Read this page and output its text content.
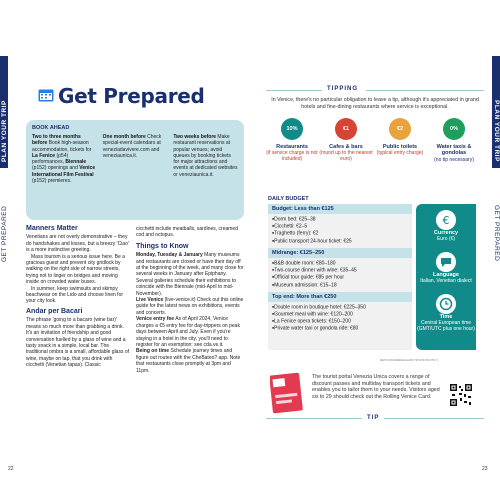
PLAN YOUR TRIP
GET PREPARED
Get Prepared
BOOK AHEAD
Two to three months before Book high-season accommodation, tickets for La Fenice (p54) performances, Biennale (p152) openings and Venice International Film Festival (p152) premieres.
One month before Check special-event calendars at veneziadavivere.com and veneziaunica.it.
Two weeks before Make restaurant reservations at popular venues; avoid queues by booking tickets for major attractions and events at dedicated websites or veneziaunica.it.
Manners Matter

Venetians are not overly demonstrative – they do handshakes and kisses, but a breezy 'Ciao' is a more instinctive greeting.

Mass tourism is a serious issue here. Be a gracious guest and prevent city gridlock by walking on the right side of narrow streets, trying not to linger on bridges and moving inside on crowded water buses.

In summer, keep swimsuits and skimpy beachwear on the Lido and choose linen for your city look.

Andar per Bacari

The phrase 'going to a bacaro (wine bar)' means so much more than grabbing a drink. It's an invitation of friendship and good conversation fuelled by a glass of wine and a tasty snack in a simple, local bar. The traditional ombra is a small, affordable glass of wine, maybe on tap, that you drink with cicchetti (Venetian tapas). Classic

cicchetti include meatballs, sardines, creamed cod and octopus.

Things to Know

Monday, Tuesday & January Many museums and restaurants are closed or have their day off at the beginning of the week, and many close for several weeks in January after Epiphany. Several galleries schedule their exhibitions to coincide with the Biennale (mid-April to mid-November).

Live Venice (live-venice.it) Check out this online guide for the latest news on exhibitions, events and concerts.

Venice entry fee As of April 2024, Venice charges a €5 entry fee for day-trippers on peak days between April and July. Even if you're staying in a hotel in the city, you'll need to register for an exemption: see cda.ve.it.

Being on time Schedule journey times and figure out routes with the CheBateo? app. Note that restaurants close promptly at 3pm and 11pm.

22
PLAN YOUR TRIP
GET PREPARED
23
TIPPING
In Venice, there's no particular obligation to leave a tip, although it's appreciated in grand hotels and fine-dining restaurants where service is exceptional.
10%
Restaurants
(if service charge is not included)
€1
Cafes & bars
(round up to the nearest euro)
€2
Public toilets
(typical entry charge)
0%
Water taxis & gondolas
(no tip necessary)
DAILY BUDGET
Budget: Less than €125
■ Dorm bed: €25–38
■ Cicchetti: €2–5
■ Traghetto (ferry): €2
■ Public transport 24-hour ticket: €25
Midrange: €125–250
■ B&B double room: €80–180
■ Two-course dinner with wine: €35–45
■ Official tour guide: €85 per hour
■ Museum admission: €15–18
Top end: More than €250
■ Double room in boutique hotel: €225–350
■ Gourmet meal with wine: €120–200
■ La Fenice opera tickets: €150–200
■ Private water taxi or gondola ride: €80
€
Currency
Euro (€)
Language
Italian, Venetian dialect
Time
Central European time (GMT/UTC plus one hour)
NEIT-CONCIERGE/ALAMY STOCK PHOTO ©
The tourist portal Venezia Unica covers a range of discount passes and multiday transport tickets and enables you to tailor them to your needs. Visitors aged six to 29 should check out the Rolling Venice Card.
TIP
